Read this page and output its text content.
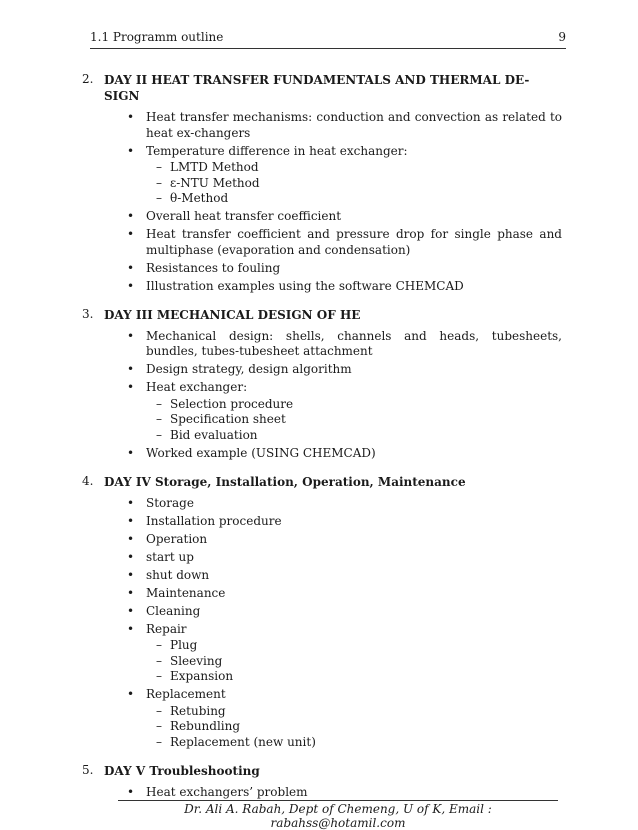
1.1 Programm outline	9
2. DAY II HEAT TRANSFER FUNDAMENTALS AND THERMAL DE-
SIGN
• Heat transfer mechanisms: conduction and convection as related to heat ex-changers
• Temperature difference in heat exchanger:
– LMTD Method
– ε-NTU Method
– θ-Method
• Overall heat transfer coefficient
• Heat transfer coefficient and pressure drop for single phase and multiphase (evaporation and condensation)
• Resistances to fouling
• Illustration examples using the software CHEMCAD
3. DAY III MECHANICAL DESIGN OF HE
• Mechanical design: shells, channels and heads, tubesheets, bundles, tubes-tubesheet attachment
• Design strategy, design algorithm
• Heat exchanger:
– Selection procedure
– Specification sheet
– Bid evaluation
• Worked example (USING CHEMCAD)
4. DAY IV Storage, Installation, Operation, Maintenance
• Storage
• Installation procedure
• Operation
• start up
• shut down
• Maintenance
• Cleaning
• Repair
– Plug
– Sleeving
– Expansion
• Replacement
– Retubing
– Rebundling
– Replacement (new unit)
5. DAY V Troubleshooting
• Heat exchangers’ problem
Dr. Ali A. Rabah, Dept of Chemeng, U of K, Email : rabahss@hotamil.com
